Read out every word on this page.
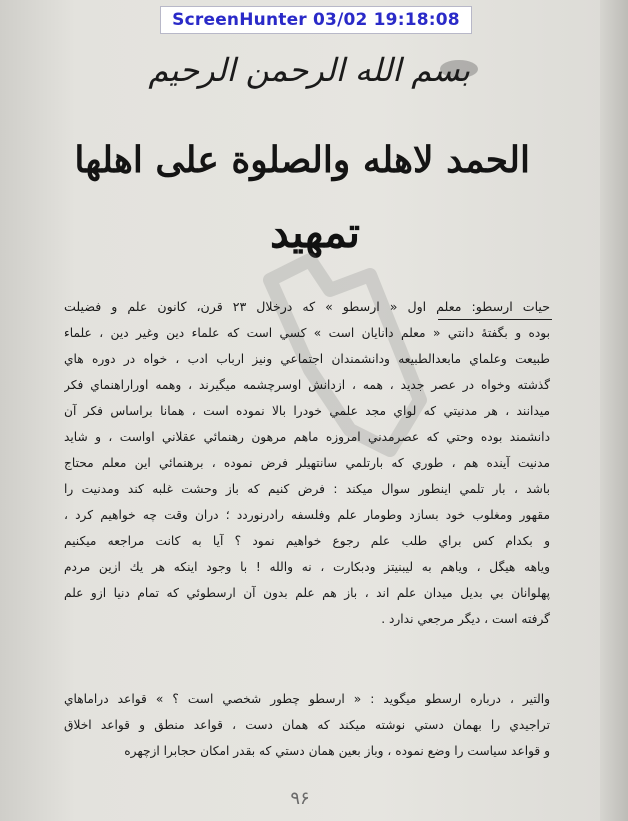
ScreenHunter 03/02 19:18:08
بسم الله الرحمن الرحيم
الحمد لاهله والصلوة على اهلها
تمهيد
حيات ارسطو: معلم اول « ارسطو » كه درخلال ۲۳ قرن، كانون علم و فضيلت
بوده و بگفتهٔ دانتي « معلم دانايان است » كسي است كه علماء دين وغير دين ، علماء
طبيعت وعلماي مابعدالطبيعه ودانشمندان اجتماعي ونيز ارباب ادب ، خواه در دوره هاي
گذشته وخواه در عصر جديد ، همه ، ازدانش اوسرچشمه ميگيرند ، وهمه اوراراهنماي فكر
ميدانند ، هر مدنيتي كه لواي مجد علمي خودرا بالا نموده است ، همانا براساس فكر آن
دانشمند بوده وحتي كه عصرمدني امروزه ماهم مرهون رهنمائي عقلاني اواست ، و شايد
مدنيت آينده هم ، طوري كه بارتلمي سانتهيلر فرض نموده ، برهنمائي اين معلم محتاج
باشد ، بار تلمي اينطور سوال ميكند : فرض كنيم كه باز وحشت غلبه كند ومدنيت را
مقهور ومغلوب خود بسازد وطومار علم وفلسفه رادرنوردد ؛ دران وقت چه خواهيم كرد ،
و بكدام كس براي طلب علم رجوع خواهيم نمود ؟ آيا به كانت مراجعه ميكنيم
وياهه هيگل ، وياهم به ليبنيتز ودبكارت ، نه والله ! با وجود اينكه هر يك ازين مردم
پهلوانان بي بديل ميدان علم اند ، باز هم علم بدون آن ارسطوئي كه تمام دنيا ازو علم
گرفته است ، ديگر مرجعي ندارد .
والتير ، درباره ارسطو ميگويد : « ارسطو چطور شخصي است ؟ » قواعد دراماهاي
تراجيدي را بهمان دستي نوشته ميكند كه همان دست ، قواعد منطق و قواعد اخلاق
و قواعد سياست را وضع نموده ، وباز بعين همان دستي كه بقدر امكان حجابرا ازچهره
۹۶
